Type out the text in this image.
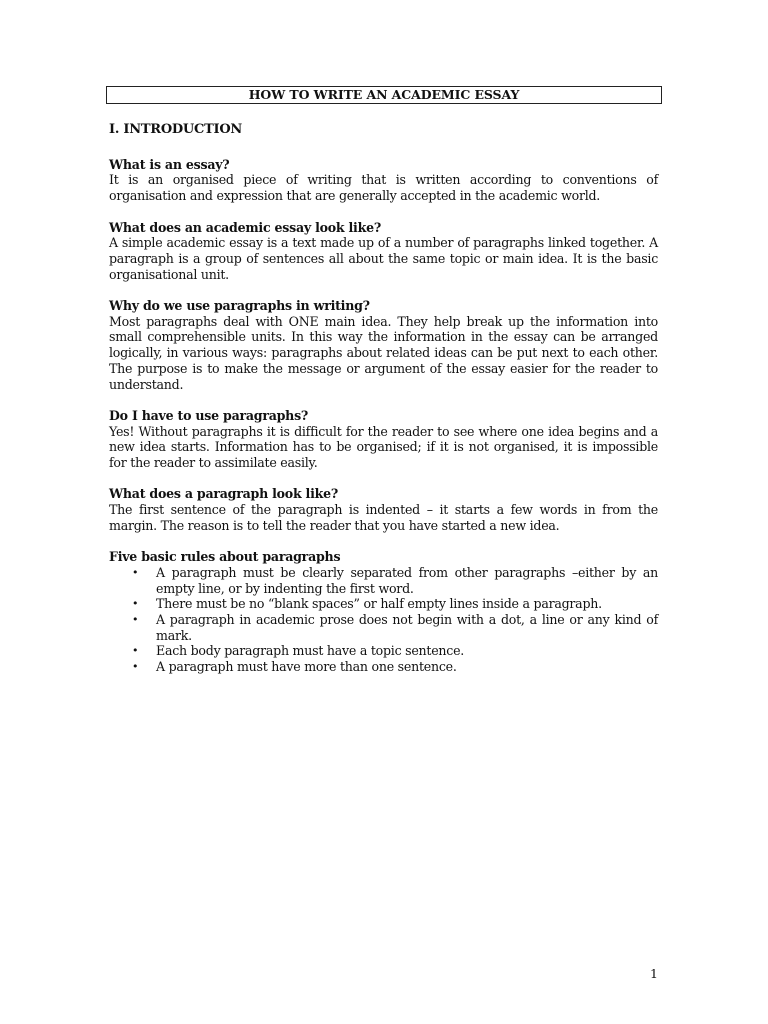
HOW TO WRITE AN ACADEMIC ESSAY
I. INTRODUCTION
What is an essay?
It is an organised piece of writing that is written according to conventions of organisation and expression that are generally accepted in the academic world.
What does an academic essay look like?
A simple academic essay is a text made up of a number of paragraphs linked together. A paragraph is a group of sentences all about the same topic or main idea. It is the basic organisational unit.
Why do we use paragraphs in writing?
Most paragraphs deal with ONE main idea. They help break up the information into small comprehensible units. In this way the information in the essay can be arranged logically, in various ways: paragraphs about related ideas can be put next to each other. The purpose is to make the message or argument of the essay easier for the reader to understand.
Do I have to use paragraphs?
Yes! Without paragraphs it is difficult for the reader to see where one idea begins and a new idea starts. Information has to be organised; if it is not organised, it is impossible for the reader to assimilate easily.
What does a paragraph look like?
The first sentence of the paragraph is indented – it starts a few words in from the margin. The reason is to tell the reader that you have started a new idea.
Five basic rules about paragraphs
• A paragraph must be clearly separated from other paragraphs –either by an empty line, or by indenting the first word.
• There must be no “blank spaces” or half empty lines inside a paragraph.
• A paragraph in academic prose does not begin with a dot, a line or any kind of mark.
• Each body paragraph must have a topic sentence.
• A paragraph must have more than one sentence.
1
